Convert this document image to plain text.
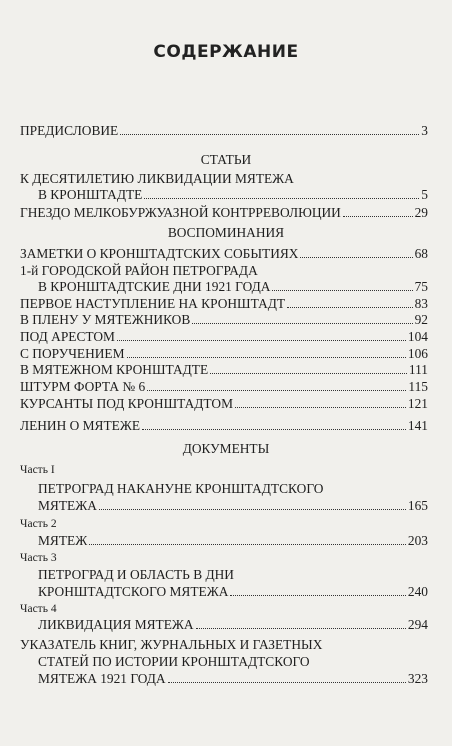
СОДЕРЖАНИЕ
ПРЕДИСЛОВИЕ	3
СТАТЬИ
К ДЕСЯТИЛЕТИЮ ЛИКВИДАЦИИ МЯТЕЖА
В КРОНШТАДТЕ	5
ГНЕЗДО МЕЛКОБУРЖУАЗНОЙ КОНТРРЕВОЛЮЦИИ	29
ВОСПОМИНАНИЯ
ЗАМЕТКИ О КРОНШТАДТСКИХ СОБЫТИЯХ	68
1-й ГОРОДСКОЙ РАЙОН ПЕТРОГРАДА
В КРОНШТАДТСКИЕ ДНИ 1921 ГОДА	75
ПЕРВОЕ НАСТУПЛЕНИЕ НА КРОНШТАДТ	83
В ПЛЕНУ У МЯТЕЖНИКОВ	92
ПОД АРЕСТОМ	104
С ПОРУЧЕНИЕМ	106
В МЯТЕЖНОМ КРОНШТАДТЕ	111
ШТУРМ ФОРТА № 6	115
КУРСАНТЫ ПОД КРОНШТАДТОМ	121
ЛЕНИН О МЯТЕЖЕ	141
ДОКУМЕНТЫ
Часть I
ПЕТРОГРАД НАКАНУНЕ КРОНШТАДТСКОГО
МЯТЕЖА	165
Часть 2
МЯТЕЖ	203
Часть 3
ПЕТРОГРАД И ОБЛАСТЬ В ДНИ
КРОНШТАДТСКОГО МЯТЕЖА	240
Часть 4
ЛИКВИДАЦИЯ МЯТЕЖА	294
УКАЗАТЕЛЬ КНИГ, ЖУРНАЛЬНЫХ И ГАЗЕТНЫХ
СТАТЕЙ ПО ИСТОРИИ КРОНШТАДТСКОГО
МЯТЕЖА 1921 ГОДА	323
